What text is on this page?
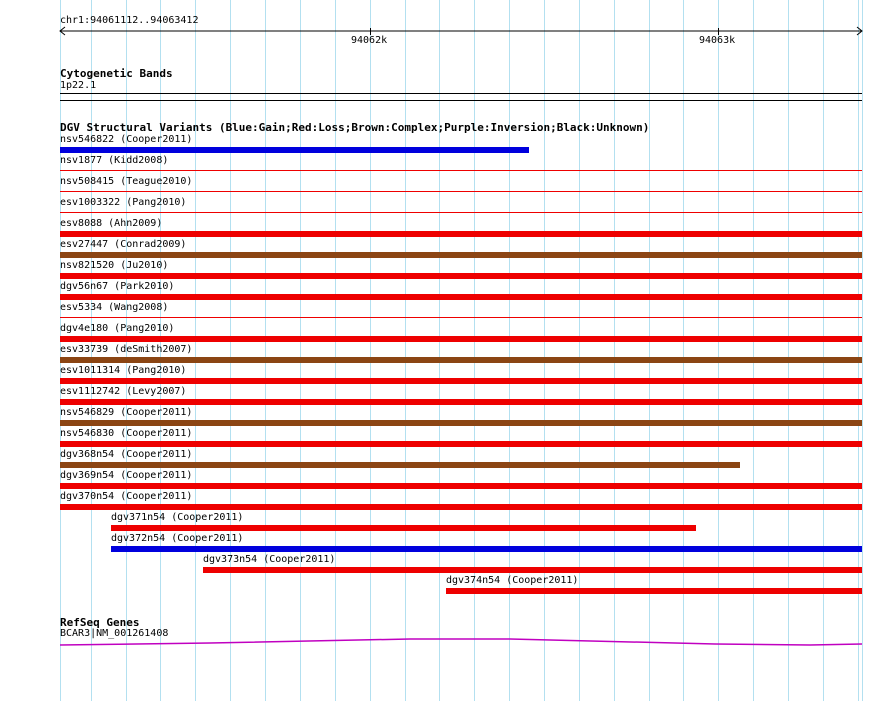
chr1:94061112..94063412
94062k	94063k
Cytogenetic Bands
1p22.1
DGV Structural Variants (Blue:Gain;Red:Loss;Brown:Complex;Purple:Inversion;Black:Unknown)
nsv546822 (Cooper2011)
nsv1877 (Kidd2008)
nsv508415 (Teague2010)
esv1003322 (Pang2010)
esv8088 (Ahn2009)
esv27447 (Conrad2009)
nsv821520 (Ju2010)
dgv56n67 (Park2010)
esv5334 (Wang2008)
dgv4e180 (Pang2010)
esv33739 (deSmith2007)
esv1011314 (Pang2010)
esv1112742 (Levy2007)
nsv546829 (Cooper2011)
nsv546830 (Cooper2011)
dgv368n54 (Cooper2011)
dgv369n54 (Cooper2011)
dgv370n54 (Cooper2011)
dgv371n54 (Cooper2011)
dgv372n54 (Cooper2011)
dgv373n54 (Cooper2011)
dgv374n54 (Cooper2011)
RefSeq Genes
BCAR3|NM_001261408
